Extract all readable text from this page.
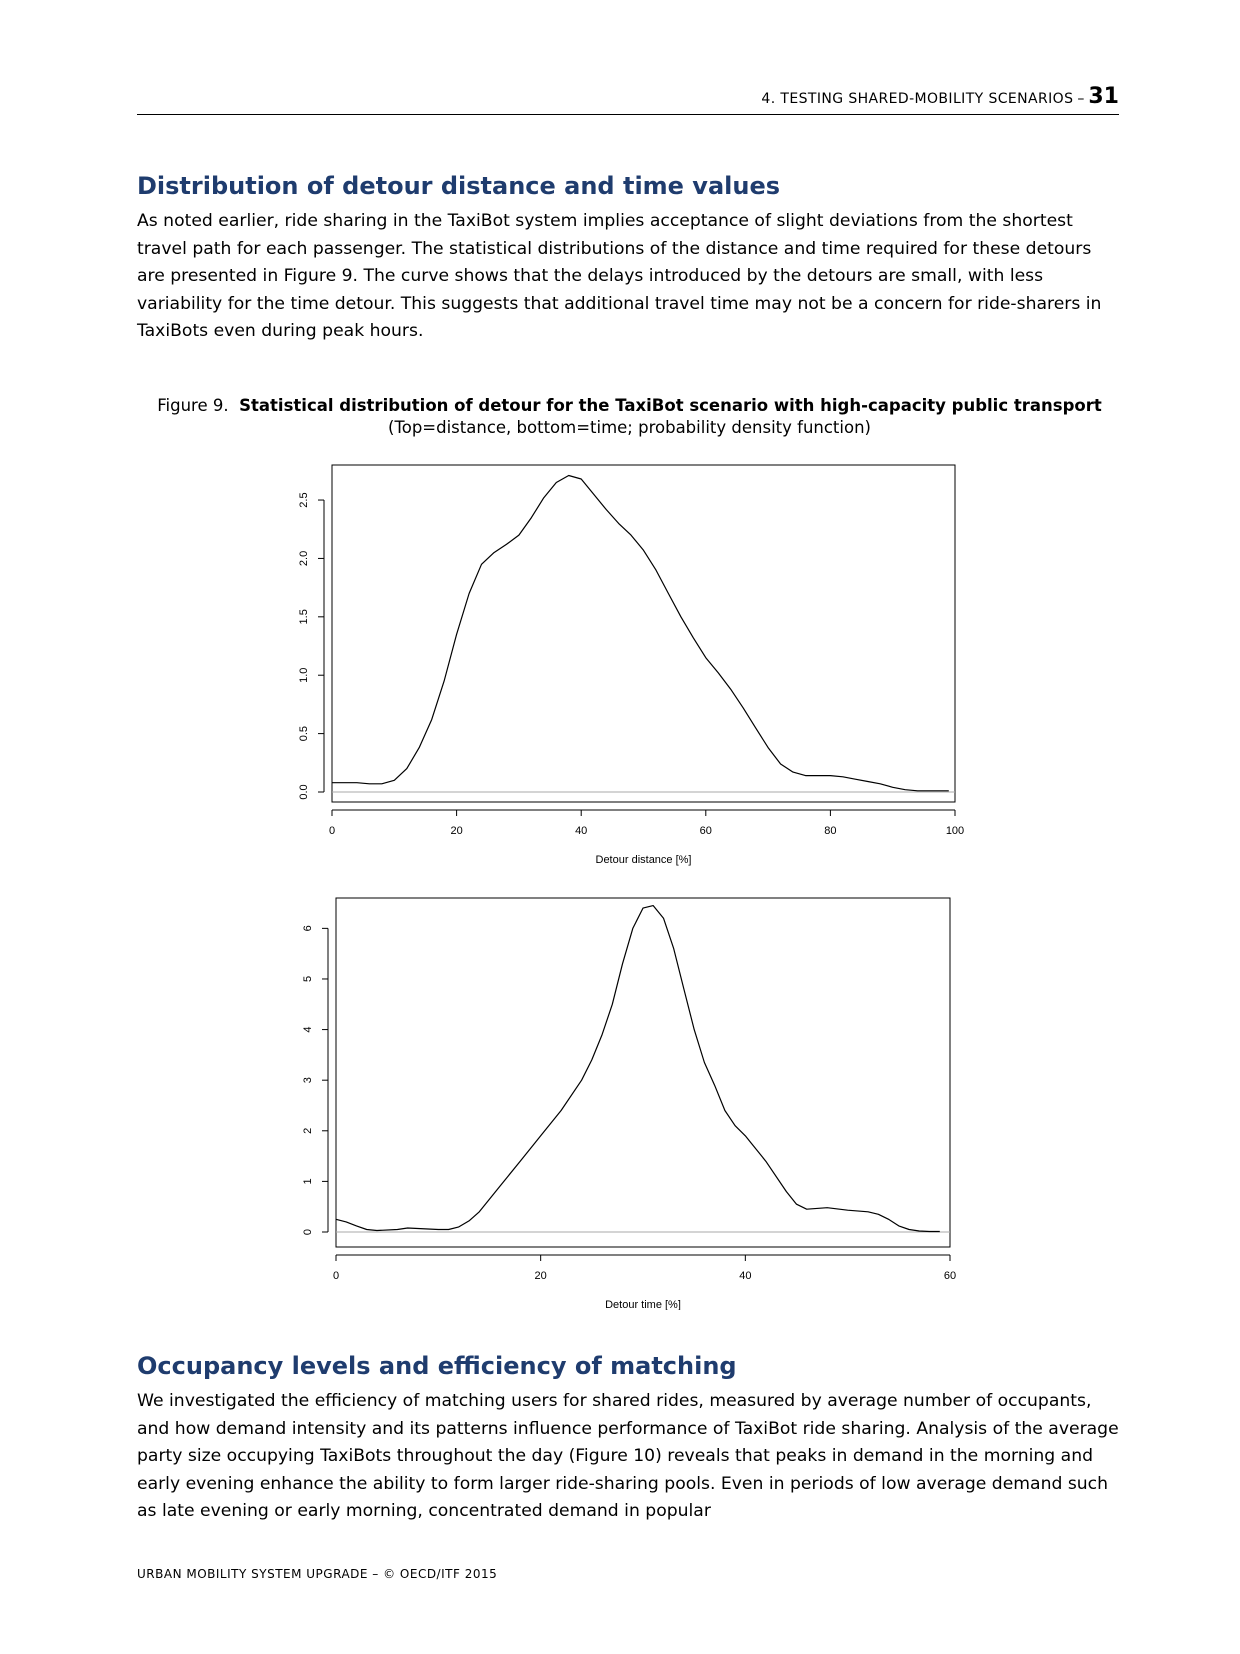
4. TESTING SHARED-MOBILITY SCENARIOS – 31
Distribution of detour distance and time values

As noted earlier, ride sharing in the TaxiBot system implies acceptance of slight deviations from the shortest travel path for each passenger. The statistical distributions of the distance and time required for these detours are presented in Figure 9. The curve shows that the delays introduced by the detours are small, with less variability for the time detour. This suggests that additional travel time may not be a concern for ride-sharers in TaxiBots even during peak hours.

Figure 9. Statistical distribution of detour for the TaxiBot scenario with high-capacity public transport
(Top=distance, bottom=time; probability density function)
0	20	40	60	80	100
Detour distance [%]
0.0
0.5
1.0
1.5
2.0
2.5
0	20	40	60
Detour time [%]
0
1
2
3
4
5
6
Occupancy levels and efficiency of matching

We investigated the efficiency of matching users for shared rides, measured by average number of occupants, and how demand intensity and its patterns influence performance of TaxiBot ride sharing. Analysis of the average party size occupying TaxiBots throughout the day (Figure 10) reveals that peaks in demand in the morning and early evening enhance the ability to form larger ride-sharing pools. Even in periods of low average demand such as late evening or early morning, concentrated demand in popular

URBAN MOBILITY SYSTEM UPGRADE – © OECD/ITF 2015
